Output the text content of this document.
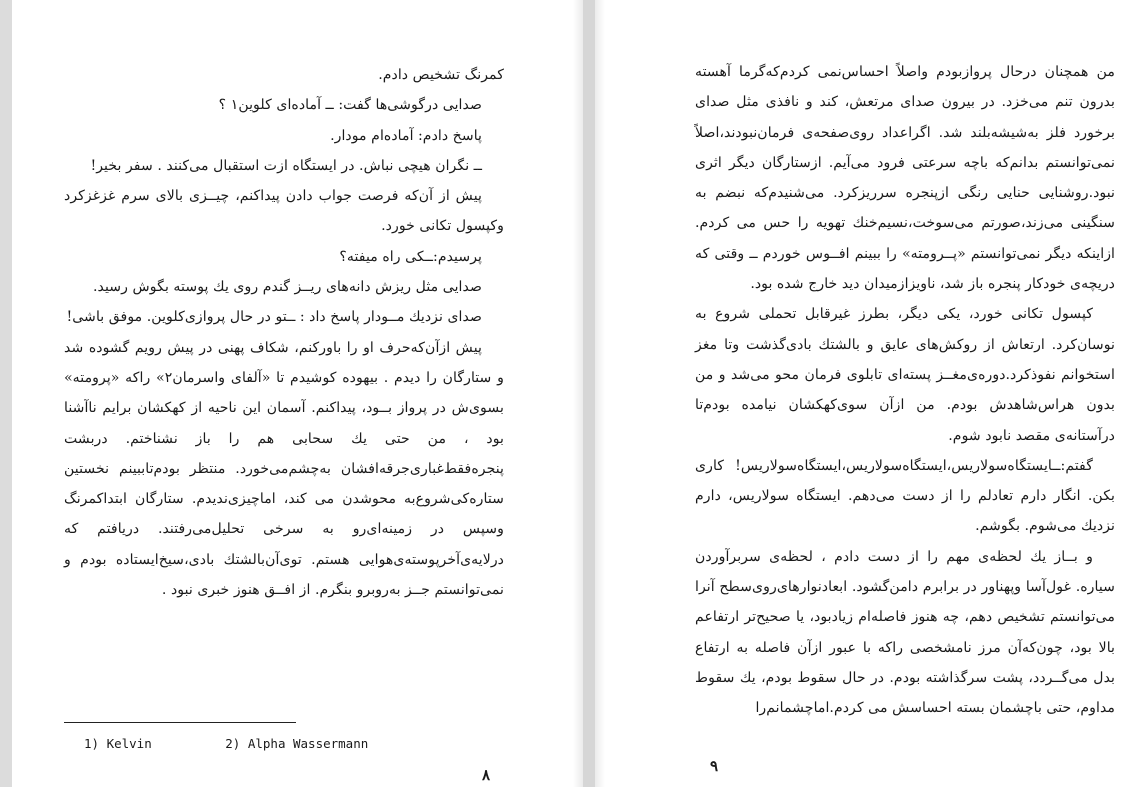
کمرنگ تشخیص دادم.

صدایی درگوشی‌ها گفت: ــ آماده‌ای کلوین۱ ؟

پاسخ دادم: آماده‌ام مودار.

ــ نگران هیچی نباش. در ایستگاه ازت استقبال می‌کنند . سفر بخیر!

پیش از آن‌که فرصت جواب دادن پیداکنم، چیــزی بالای سرم غزغزکرد وکپسول تکانی خورد.

پرسیدم:ــکی راه میفته؟

صدایی مثل ریزش دانه‌های ریــز گندم روی یك پوسته بگوش رسید.

صدای نزدیك مــودار پاسخ داد : ــتو در حال پروازی‌کلوین. موفق باشی!

پیش ازآن‌که‌حرف او را باورکنم، شکاف پهنی در پیش رویم گشوده شد و ستارگان را دیدم . بیهوده کوشیدم تا «آلفای واسرمان۲» راکه «پرومته» بسوی‌ش در پرواز بــود، پیداکنم. آسمان این ناحیه از کهکشان برایم ناآشنا بود ، من حتی یك سحابی هم را باز نشناختم. دربشت پنجره‌فقط‌غباری‌جرقه‌افشان به‌چشم‌می‌خورد. منتظر بودم‌تا‌ببینم نخستین ستاره‌کی‌شروع‌به محوشدن می کند، اماچیزی‌ندیدم. ستارگان ابتداکمرنگ وسپس در زمینه‌ای‌رو به سرخی تحلیل‌می‌رفتند. دریافتم که درلایه‌ی‌آخرپوسته‌ی‌هوایی هستم. توی‌آن‌بالشتك بادی،سیخ‌ایستاده بودم و نمی‌توانستم جــز به‌روبرو بنگرم. از افــق هنوز خبری نبود .

1) Kelvin	2) Alpha Wassermann
۸

من همچنان درحال پروازبودم واصلاً احساس‌نمی کردم‌که‌گرما آهسته بدرون تنم می‌خزد. در بیرون صدای مرتعش، کند و نافذی مثل صدای برخورد فلز به‌شیشه‌بلند شد. اگراعداد روی‌صفحه‌ی فرمان‌نبودند،اصلاً نمی‌توانستم بدانم‌که باچه سرعتی فرود می‌آیم. ازستارگان دیگر اثری نبود.روشنایی حنایی رنگی ازپنجره سرریزکرد. می‌شنیدم‌که نبضم به سنگینی می‌زند،صورتم می‌سوخت،نسیم‌خنك تهویه را حس می کردم. ازاینکه دیگر نمی‌توانستم «پــرومته» را ببینم افــوس خوردم ــ وقتی که دریچه‌ی خودکار پنجره باز شد، ناویزازمیدان دید خارج شده بود.

کپسول تکانی خورد، یکی دیگر، بطرز غیرقابل تحملی شروع به نوسان‌کرد. ارتعاش از روکش‌های عایق و بالشتك بادی‌گذشت وتا مغز استخوانم نفوذکرد.دوره‌ی‌مغــز پسته‌ای تابلوی فرمان محو می‌شد و من بدون هراس‌شاهدش بودم. من ازآن سوی‌کهکشان نیامده بودم‌تا درآستانه‌ی مقصد نابود شوم.

گفتم:ــایستگاه‌سولاریس،ایستگاه‌سولاریس،ایستگاه‌سولاریس! کاری بکن. انگار دارم تعادلم را از دست می‌دهم. ایستگاه سولاریس، دارم نزدیك می‌شوم. بگوشم.

و بــاز یك لحظه‌ی مهم را از دست دادم ، لحظه‌ی سربرآوردن سیاره. غول‌آسا وپهناور در برابرم دامن‌گشود. ابعادنوارهای‌روی‌سطح آنرا می‌توانستم تشخیص دهم، چه هنوز فاصله‌ام زیادبود، یا صحیح‌تر ارتفاعم بالا بود، چون‌که‌آن مرز نامشخصی راکه با عبور ازآن فاصله به ارتفاع بدل می‌گــردد، پشت سرگذاشته بودم. در حال سقوط بودم، یك سقوط مداوم، حتی باچشمان بسته احساسش می کردم.اماچشمانم‌را

۹
